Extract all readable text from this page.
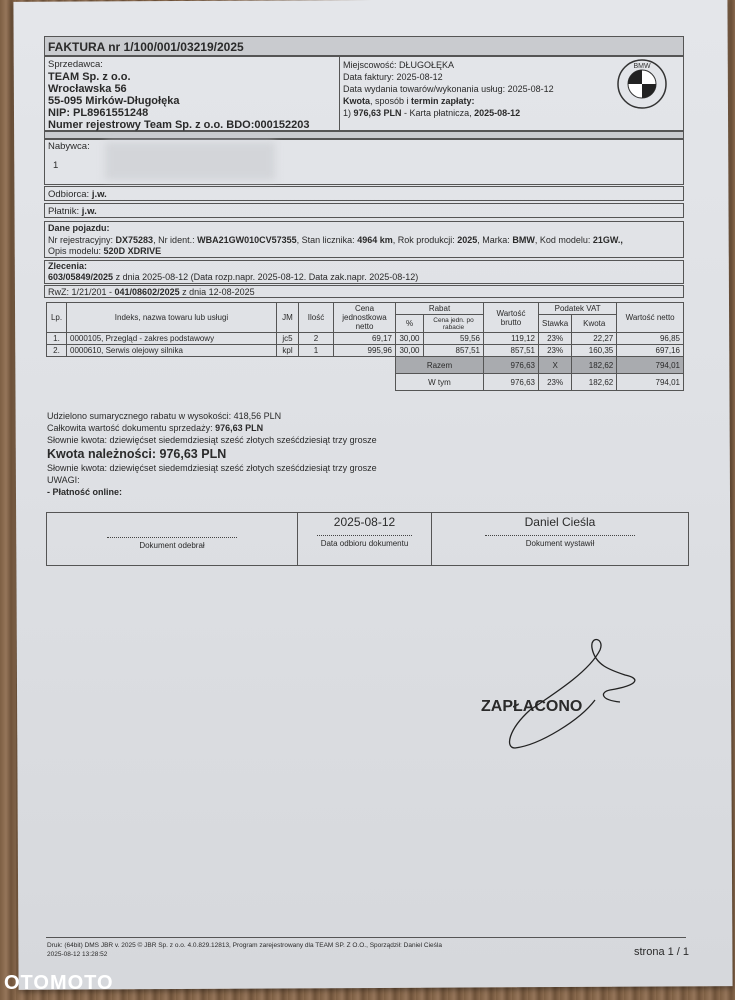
FAKTURA nr 1/100/001/03219/2025
Sprzedawca:
TEAM Sp. z o.o.
Wrocławska 56
55-095 Mirków-Długołęka
NIP: PL8961551248
Numer rejestrowy Team Sp. z o.o. BDO:000152203
Miejscowość: DŁUGOŁĘKA
Data faktury: 2025-08-12
Data wydania towarów/wykonania usług: 2025-08-12
Kwota, sposób i termin zapłaty:
1) 976,63 PLN - Karta płatnicza, 2025-08-12
BMW
Nabywca:
1
Odbiorca: j.w.
Płatnik: j.w.
Dane pojazdu:
Nr rejestracyjny: DX75283, Nr ident.: WBA21GW010CV57355, Stan licznika: 4964 km, Rok produkcji: 2025, Marka: BMW, Kod modelu: 21GW.,
Opis modelu: 520D XDRIVE
Zlecenia:
603/05849/2025 z dnia 2025-08-12 (Data rozp.napr. 2025-08-12. Data zak.napr. 2025-08-12)
RwZ: 1/21/201 - 041/08602/2025 z dnia 12-08-2025
Lp.	Indeks, nazwa towaru lub usługi	JM	Ilość	Cena jednostkowa netto	Rabat		Wartość brutto	Podatek VAT		Wartość netto
					%	Cena jedn. po rabacie		Stawka	Kwota	
1.	0000105, Przegląd - zakres podstawowy	jc5	2	69,17	30,00	59,56	119,12	23%	22,27	96,85
2.	0000610, Serwis olejowy silnika	kpl	1	995,96	30,00	857,51	857,51	23%	160,35	697,16
					Razem		976,63	X	182,62	794,01
					W tym		976,63	23%	182,62	794,01
Udzielono sumarycznego rabatu w wysokości: 418,56 PLN
Całkowita wartość dokumentu sprzedaży: 976,63 PLN
Słownie kwota: dziewięćset siedemdziesiąt sześć złotych sześćdziesiąt trzy grosze
Kwota należności: 976,63 PLN
Słownie kwota: dziewięćset siedemdziesiąt sześć złotych sześćdziesiąt trzy grosze
UWAGI:
- Płatność online:
Dokument odebrał
2025-08-12
Data odbioru dokumentu
Daniel Cieśla
Dokument wystawił
ZAPŁACONO
Druk: (64bit) DMS JBR v. 2025 © JBR Sp. z o.o. 4.0.829.12813, Program zarejestrowany dla TEAM SP. Z O.O., Sporządził: Daniel Cieśla
2025-08-12 13:28:52	strona 1 / 1
OTOMOTO
